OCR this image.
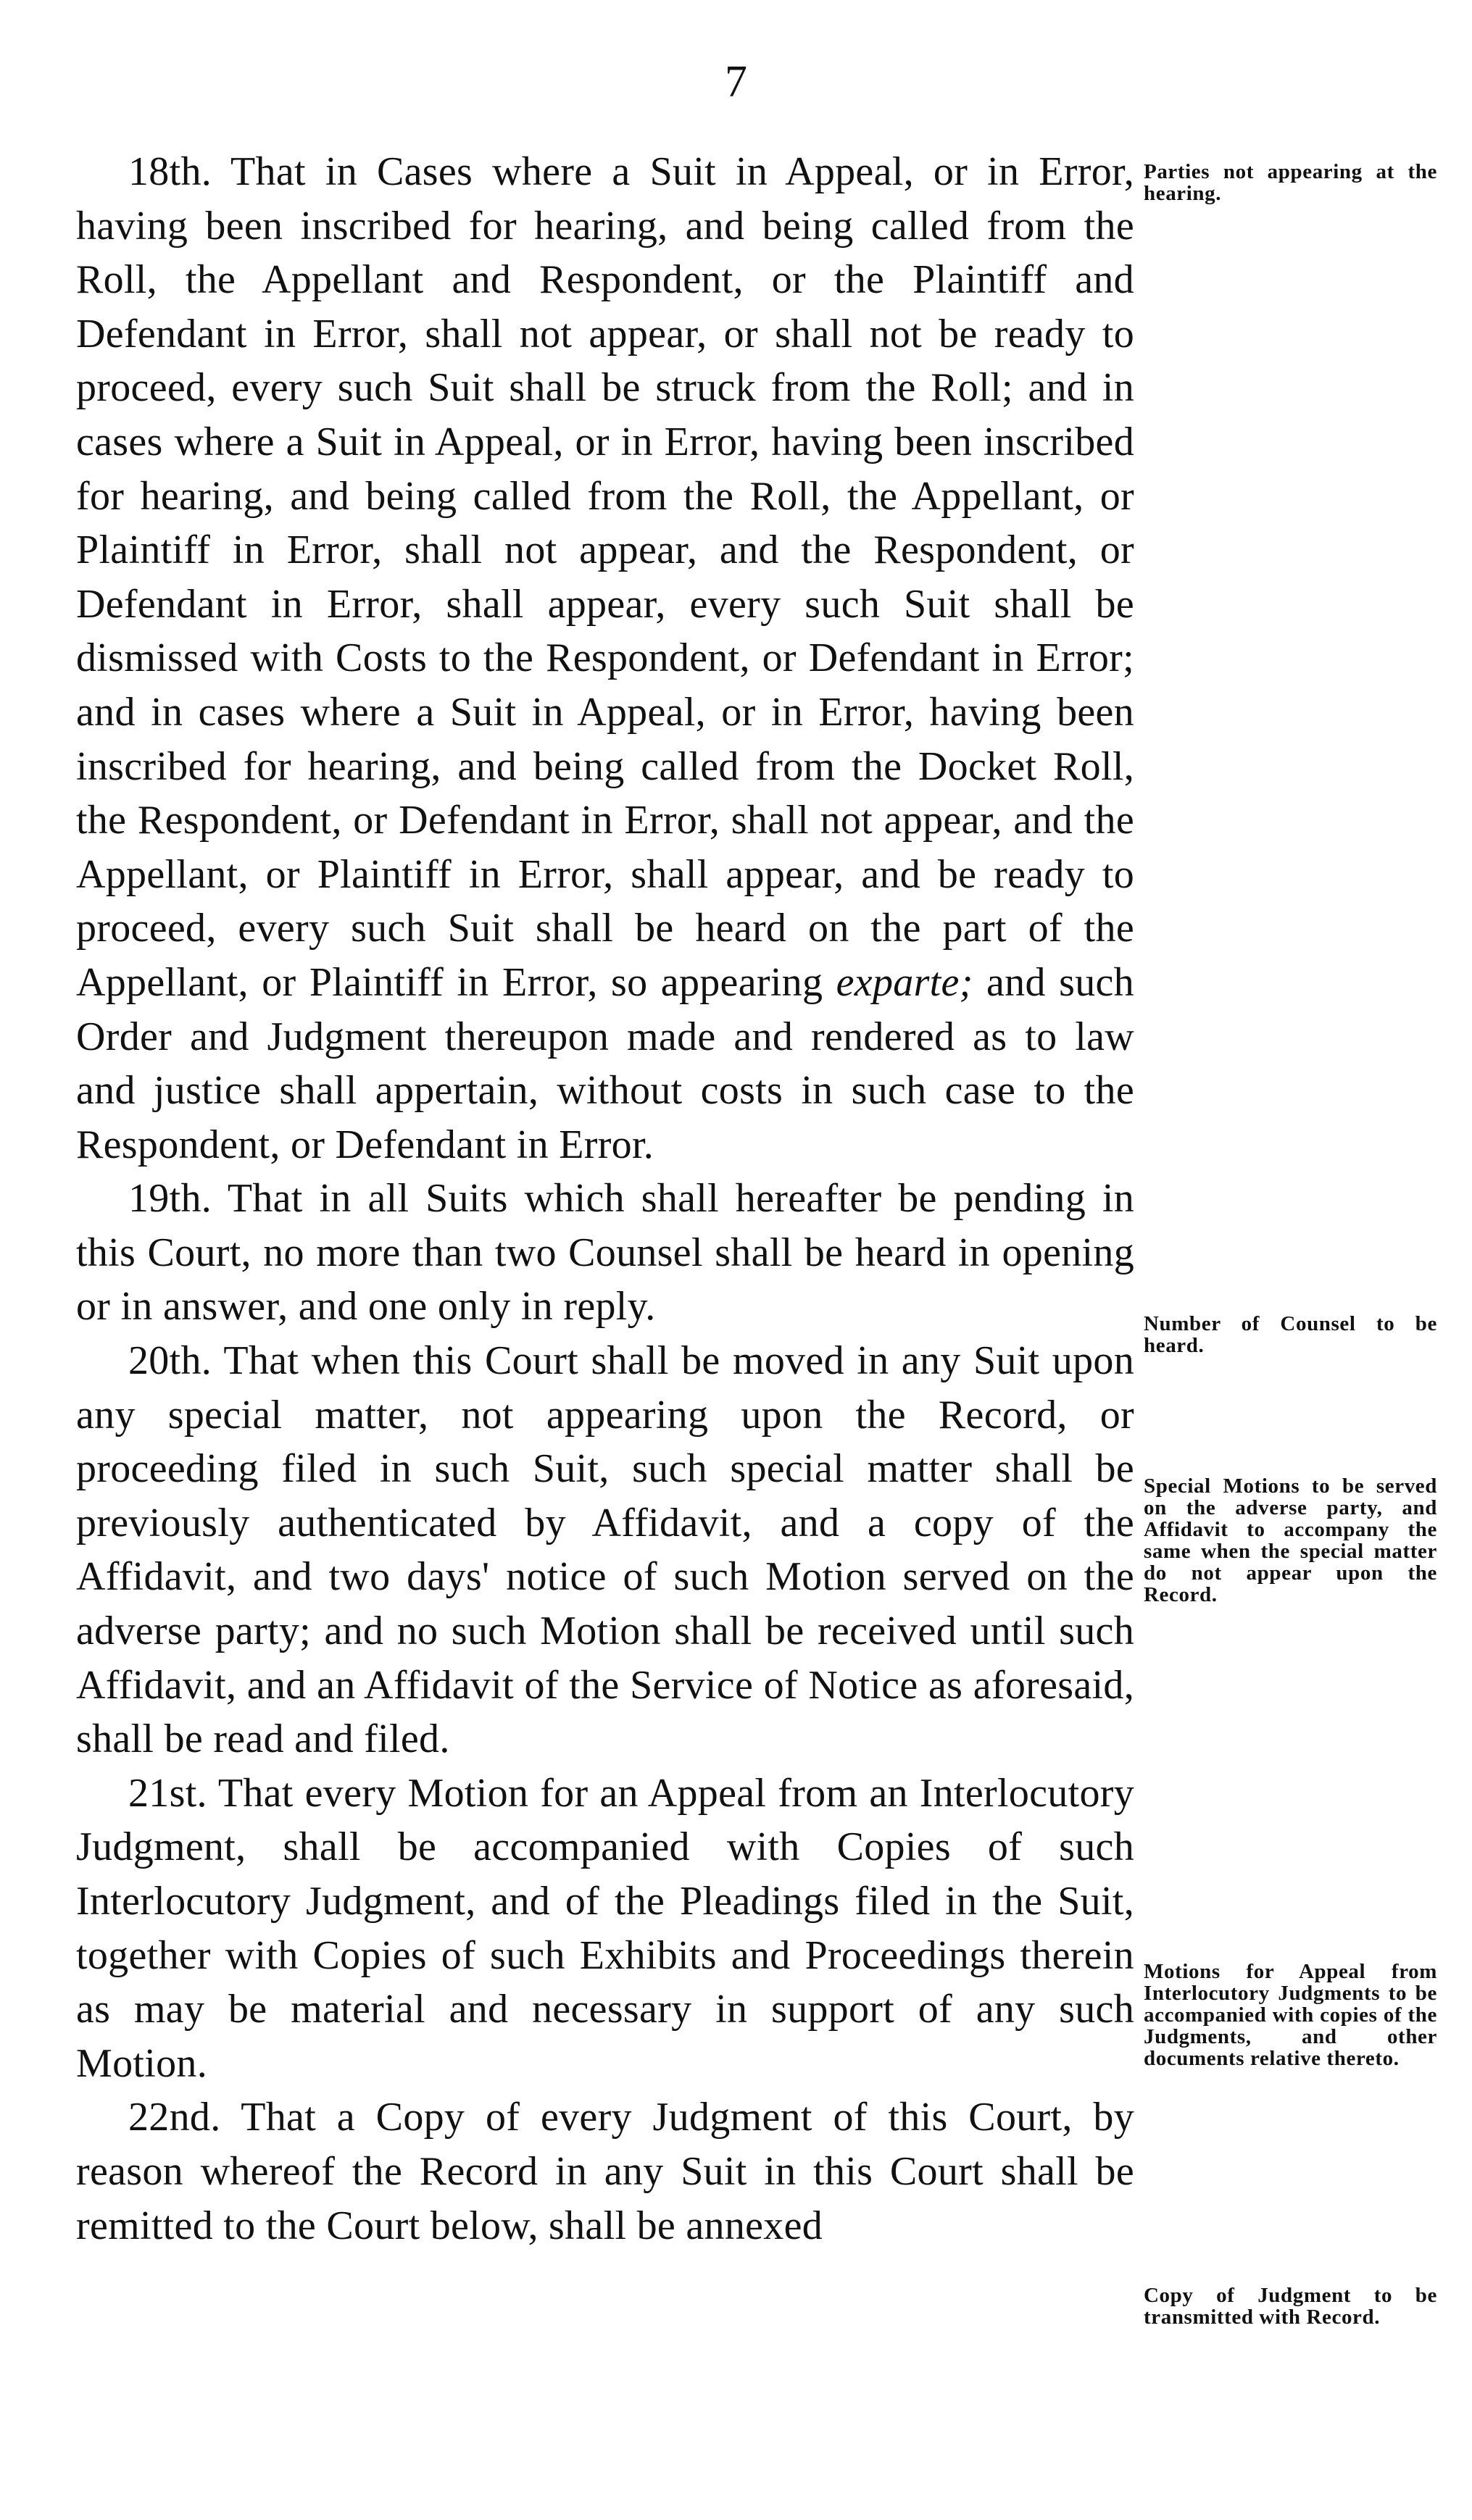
7

18th. That in Cases where a Suit in Appeal, or in Error, having been inscribed for hearing, and being called from the Roll, the Appellant and Respondent, or the Plaintiff and Defendant in Error, shall not appear, or shall not be ready to proceed, every such Suit shall be struck from the Roll; and in cases where a Suit in Appeal, or in Error, having been inscribed for hearing, and being called from the Roll, the Appellant, or Plaintiff in Error, shall not appear, and the Respondent, or Defendant in Error, shall appear, every such Suit shall be dismissed with Costs to the Respondent, or Defendant in Error; and in cases where a Suit in Appeal, or in Error, having been inscribed for hearing, and being called from the Docket Roll, the Respondent, or Defendant in Error, shall not appear, and the Appellant, or Plaintiff in Error, shall appear, and be ready to proceed, every such Suit shall be heard on the part of the Appellant, or Plaintiff in Error, so appearing exparte; and such Order and Judgment thereupon made and rendered as to law and justice shall appertain, without costs in such case to the Respondent, or Defendant in Error.

19th. That in all Suits which shall hereafter be pending in this Court, no more than two Counsel shall be heard in opening or in answer, and one only in reply.

20th. That when this Court shall be moved in any Suit upon any special matter, not appearing upon the Record, or proceeding filed in such Suit, such special matter shall be previously authenticated by Affidavit, and a copy of the Affidavit, and two days' notice of such Motion served on the adverse party; and no such Motion shall be received until such Affidavit, and an Affidavit of the Service of Notice as aforesaid, shall be read and filed.

21st. That every Motion for an Appeal from an Interlocutory Judgment, shall be accompanied with Copies of such Interlocutory Judgment, and of the Pleadings filed in the Suit, together with Copies of such Exhibits and Proceedings therein as may be material and necessary in support of any such Motion.

22nd. That a Copy of every Judgment of this Court, by reason whereof the Record in any Suit in this Court shall be remitted to the Court below, shall be annexed

Parties not appearing at the hearing.
Number of Counsel to be heard.
Special Motions to be served on the adverse party, and Affidavit to accompany the same when the special matter do not appear upon the Record.
Motions for Appeal from Interlocutory Judgments to be accompanied with copies of the Judgments, and other documents relative thereto.
Copy of Judgment to be transmitted with Record.
